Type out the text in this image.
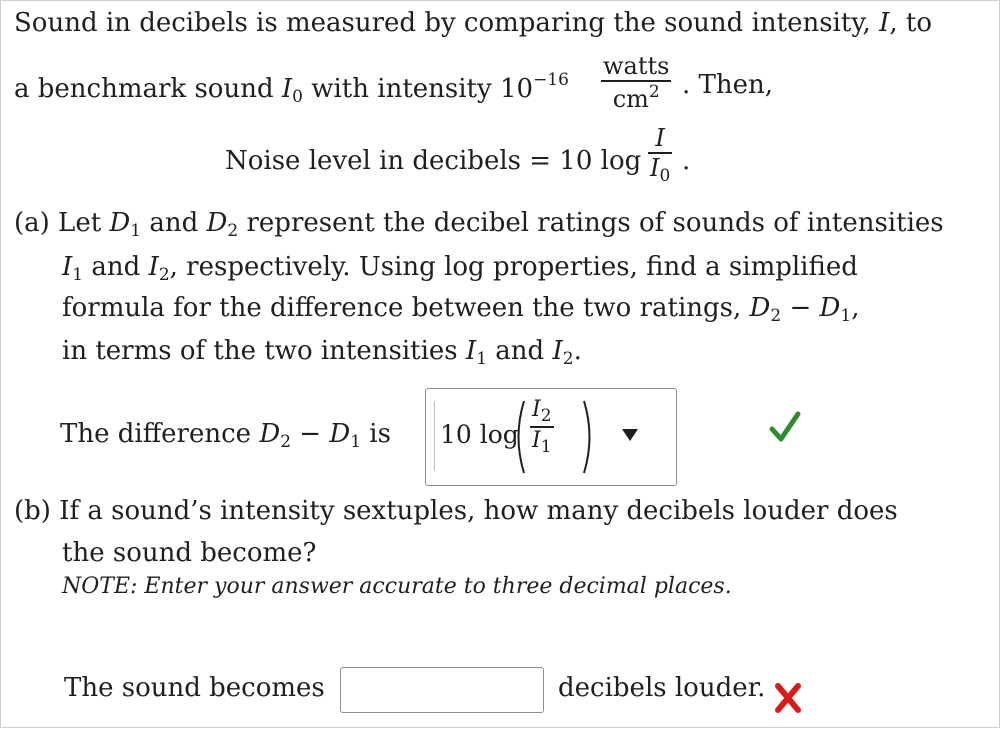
Sound in decibels is measured by comparing the sound intensity, I, to
a benchmark sound $I_0$ with intensity $10^{-16}$ watts
$cm^2$ . Then,
Noise level in decibels = 10 log
I
$I_0$ .
(a) Let $D_1$ and $D_2$ represent the decibel ratings of sounds of intensities
$I_1$ and $I_2$, respectively. Using log properties, find a simplified
formula for the difference between the two ratings, $D_2 - D_1$,
in terms of the two intensities $I_1$ and $I_2$.
The difference $D_2 - D_1$ is 10 log
$I_2$
$I_1$
(b) If a sound’s intensity sextuples, how many decibels louder does
the sound become?
NOTE: Enter your answer accurate to three decimal places.
The sound becomes	decibels louder.
